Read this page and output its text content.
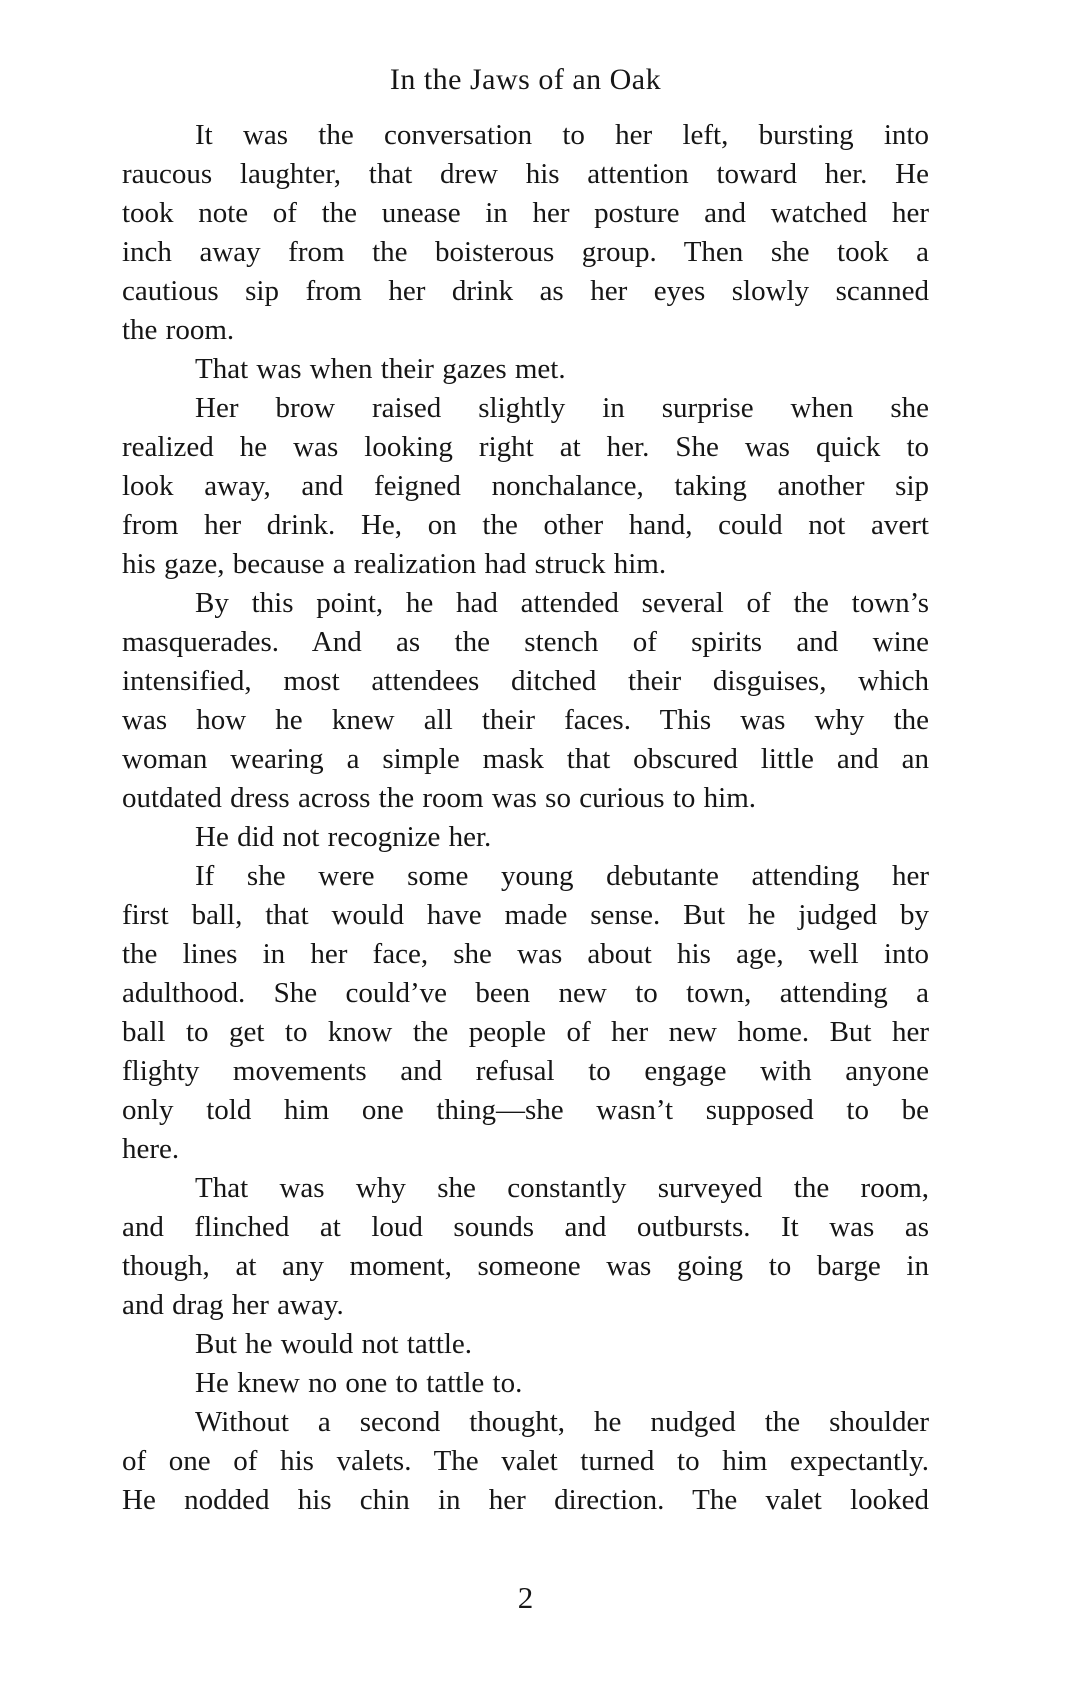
In the Jaws of an Oak
It was the conversation to her left, bursting into
raucous laughter, that drew his attention toward her. He
took note of the unease in her posture and watched her
inch away from the boisterous group. Then she took a
cautious sip from her drink as her eyes slowly scanned
the room.
That was when their gazes met.
Her brow raised slightly in surprise when she
realized he was looking right at her. She was quick to
look away, and feigned nonchalance, taking another sip
from her drink. He, on the other hand, could not avert
his gaze, because a realization had struck him.
By this point, he had attended several of the town’s
masquerades. And as the stench of spirits and wine
intensified, most attendees ditched their disguises, which
was how he knew all their faces. This was why the
woman wearing a simple mask that obscured little and an
outdated dress across the room was so curious to him.
He did not recognize her.
If she were some young debutante attending her
first ball, that would have made sense. But he judged by
the lines in her face, she was about his age, well into
adulthood. She could’ve been new to town, attending a
ball to get to know the people of her new home. But her
flighty movements and refusal to engage with anyone
only told him one thing—she wasn’t supposed to be
here.
That was why she constantly surveyed the room,
and flinched at loud sounds and outbursts. It was as
though, at any moment, someone was going to barge in
and drag her away.
But he would not tattle.
He knew no one to tattle to.
Without a second thought, he nudged the shoulder
of one of his valets. The valet turned to him expectantly.
He nodded his chin in her direction. The valet looked
2
